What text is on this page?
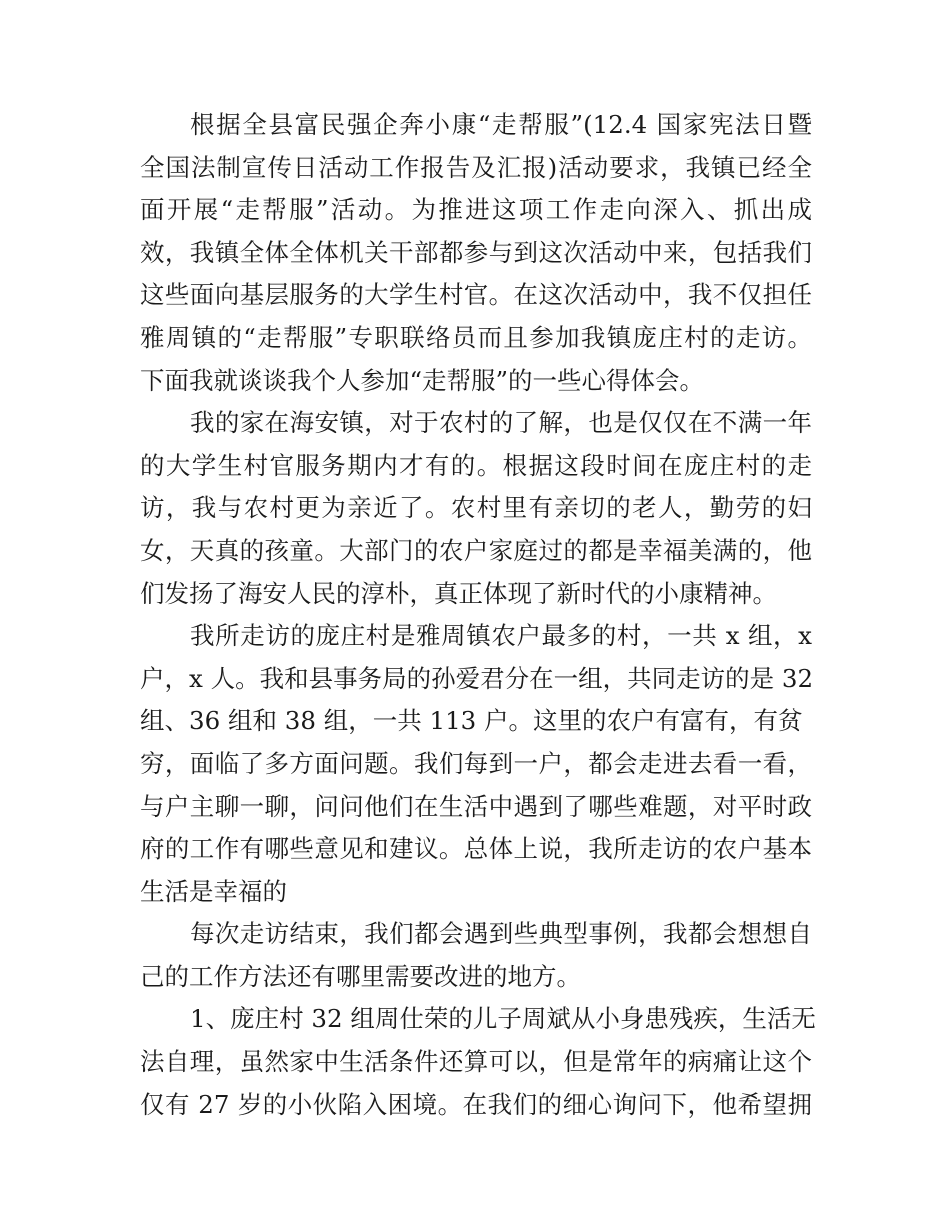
根据全县富民强企奔小康“走帮服”(12.4 国家宪法日暨
全国法制宣传日活动工作报告及汇报)活动要求，我镇已经全
面开展“走帮服”活动。为推进这项工作走向深入、抓出成
效，我镇全体全体机关干部都参与到这次活动中来，包括我们
这些面向基层服务的大学生村官。在这次活动中，我不仅担任
雅周镇的“走帮服”专职联络员而且参加我镇庞庄村的走访。
下面我就谈谈我个人参加“走帮服”的一些心得体会。
我的家在海安镇，对于农村的了解，也是仅仅在不满一年
的大学生村官服务期内才有的。根据这段时间在庞庄村的走
访，我与农村更为亲近了。农村里有亲切的老人，勤劳的妇
女，天真的孩童。大部门的农户家庭过的都是幸福美满的，他
们发扬了海安人民的淳朴，真正体现了新时代的小康精神。
我所走访的庞庄村是雅周镇农户最多的村，一共 x 组，x
户，x 人。我和县事务局的孙爱君分在一组，共同走访的是 32
组、36 组和 38 组，一共 113 户。这里的农户有富有，有贫
穷，面临了多方面问题。我们每到一户，都会走进去看一看，
与户主聊一聊，问问他们在生活中遇到了哪些难题，对平时政
府的工作有哪些意见和建议。总体上说，我所走访的农户基本
生活是幸福的
每次走访结束，我们都会遇到些典型事例，我都会想想自
己的工作方法还有哪里需要改进的地方。
1、庞庄村 32 组周仕荣的儿子周斌从小身患残疾，生活无
法自理，虽然家中生活条件还算可以，但是常年的病痛让这个
仅有 27 岁的小伙陷入困境。在我们的细心询问下，他希望拥
